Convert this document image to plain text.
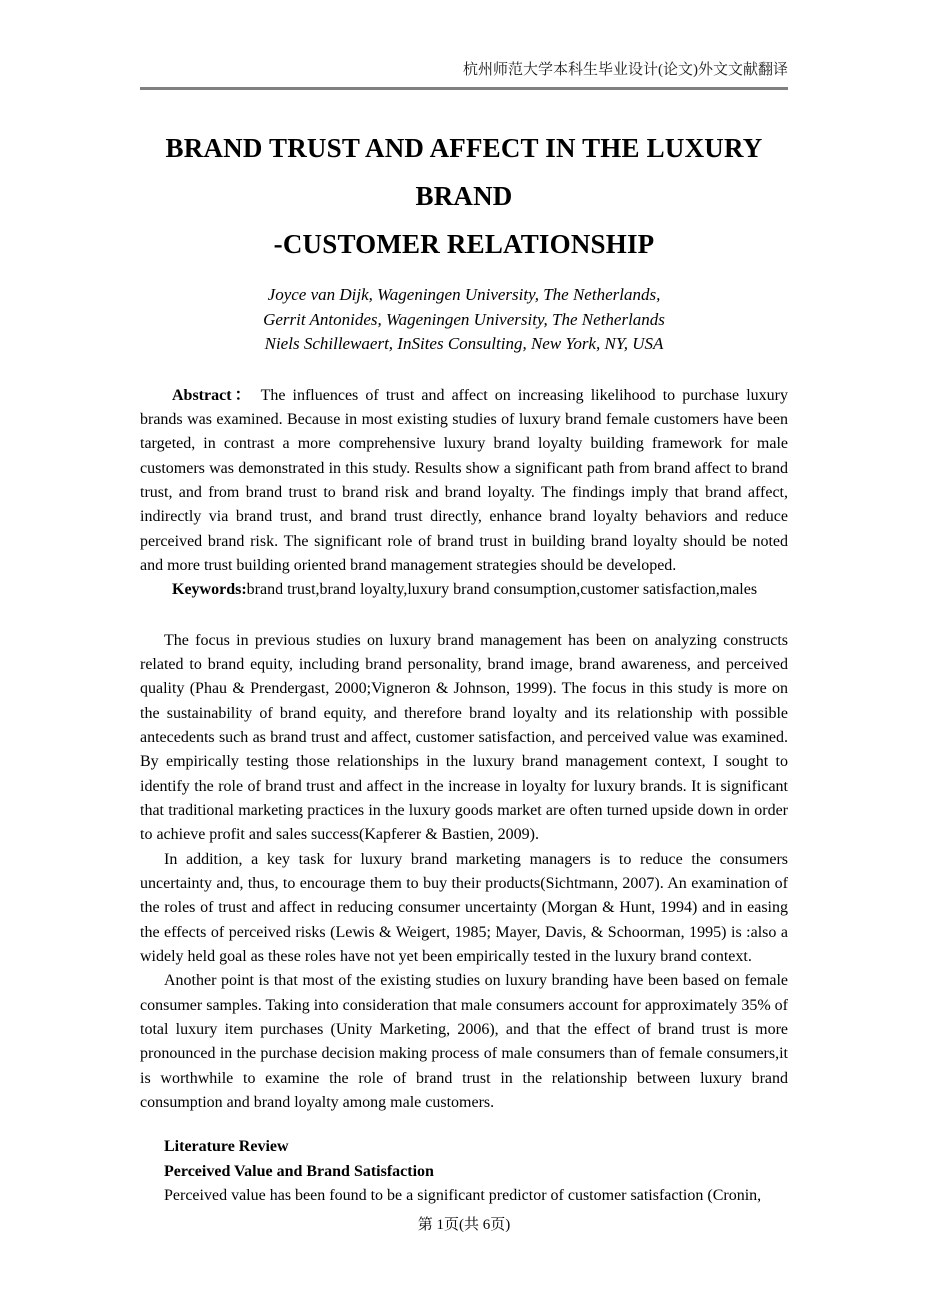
杭州师范大学本科生毕业设计(论文)外文文献翻译
BRAND TRUST AND AFFECT IN THE LUXURY BRAND
-CUSTOMER RELATIONSHIP
Joyce van Dijk, Wageningen University, The Netherlands,
Gerrit Antonides, Wageningen University, The Netherlands
Niels Schillewaert, InSites Consulting, New York, NY, USA

Abstract： The influences of trust and affect on increasing likelihood to purchase luxury brands was examined. Because in most existing studies of luxury brand female customers have been targeted, in contrast a more comprehensive luxury brand loyalty building framework for male customers was demonstrated in this study. Results show a significant path from brand affect to brand trust, and from brand trust to brand risk and brand loyalty. The findings imply that brand affect, indirectly via brand trust, and brand trust directly, enhance brand loyalty behaviors and reduce perceived brand risk. The significant role of brand trust in building brand loyalty should be noted and more trust building oriented brand management strategies should be developed.

Keywords:brand trust,brand loyalty,luxury brand consumption,customer satisfaction,males

The focus in previous studies on luxury brand management has been on analyzing constructs related to brand equity, including brand personality, brand image, brand awareness, and perceived quality (Phau & Prendergast, 2000;Vigneron & Johnson, 1999). The focus in this study is more on the sustainability of brand equity, and therefore brand loyalty and its relationship with possible antecedents such as brand trust and affect, customer satisfaction, and perceived value was examined. By empirically testing those relationships in the luxury brand management context, I sought to identify the role of brand trust and affect in the increase in loyalty for luxury brands. It is significant that traditional marketing practices in the luxury goods market are often turned upside down in order to achieve profit and sales success(Kapferer & Bastien, 2009).

In addition, a key task for luxury brand marketing managers is to reduce the consumers uncertainty and, thus, to encourage them to buy their products(Sichtmann, 2007). An examination of the roles of trust and affect in reducing consumer uncertainty (Morgan & Hunt, 1994) and in easing the effects of perceived risks (Lewis & Weigert, 1985; Mayer, Davis, & Schoorman, 1995) is :also a widely held goal as these roles have not yet been empirically tested in the luxury brand context.

Another point is that most of the existing studies on luxury branding have been based on female consumer samples. Taking into consideration that male consumers account for approximately 35% of total luxury item purchases (Unity Marketing, 2006), and that the effect of brand trust is more pronounced in the purchase decision making process of male consumers than of female consumers,it is worthwhile to examine the role of brand trust in the relationship between luxury brand consumption and brand loyalty among male customers.

Literature Review

Perceived Value and Brand Satisfaction

Perceived value has been found to be a significant predictor of customer satisfaction (Cronin,

第 1页(共 6页)
